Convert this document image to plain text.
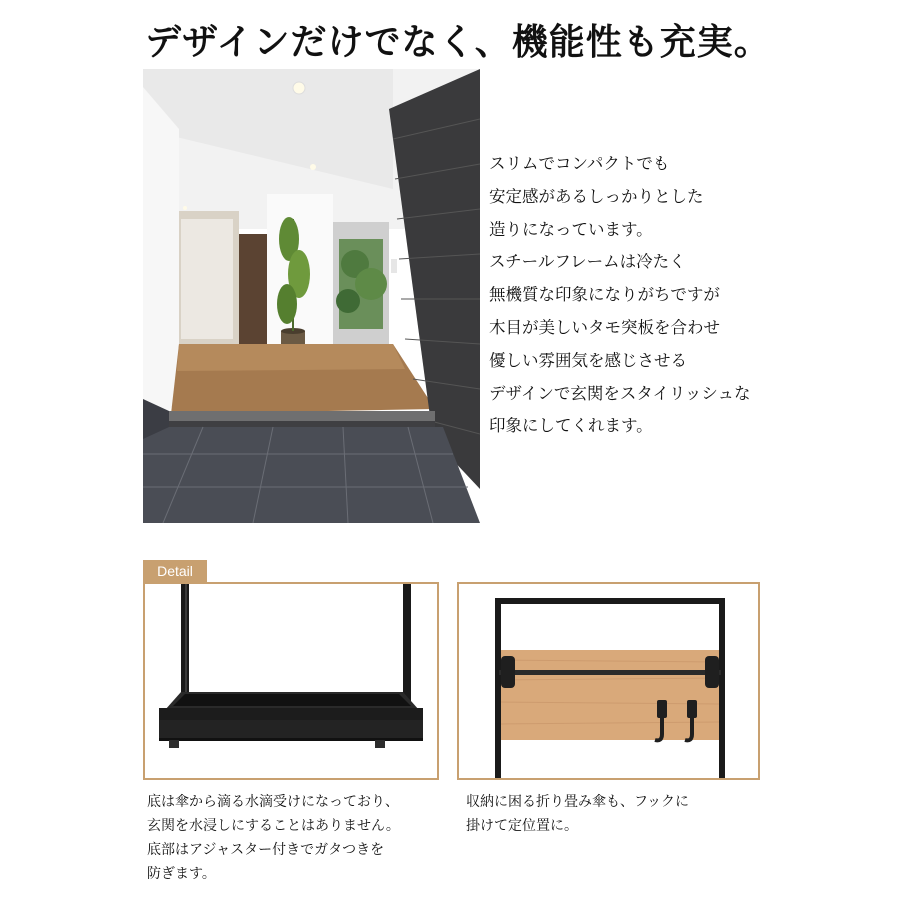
デザインだけでなく、機能性も充実。
スリムでコンパクトでも
安定感があるしっかりとした
造りになっています。
スチールフレームは冷たく
無機質な印象になりがちですが
木目が美しいタモ突板を合わせ
優しい雰囲気を感じさせる
デザインで玄関をスタイリッシュな
印象にしてくれます。
Detail
底は傘から滴る水滴受けになっており、
玄関を水浸しにすることはありません。
底部はアジャスター付きでガタつきを
防ぎます。
収納に困る折り畳み傘も、フックに
掛けて定位置に。
